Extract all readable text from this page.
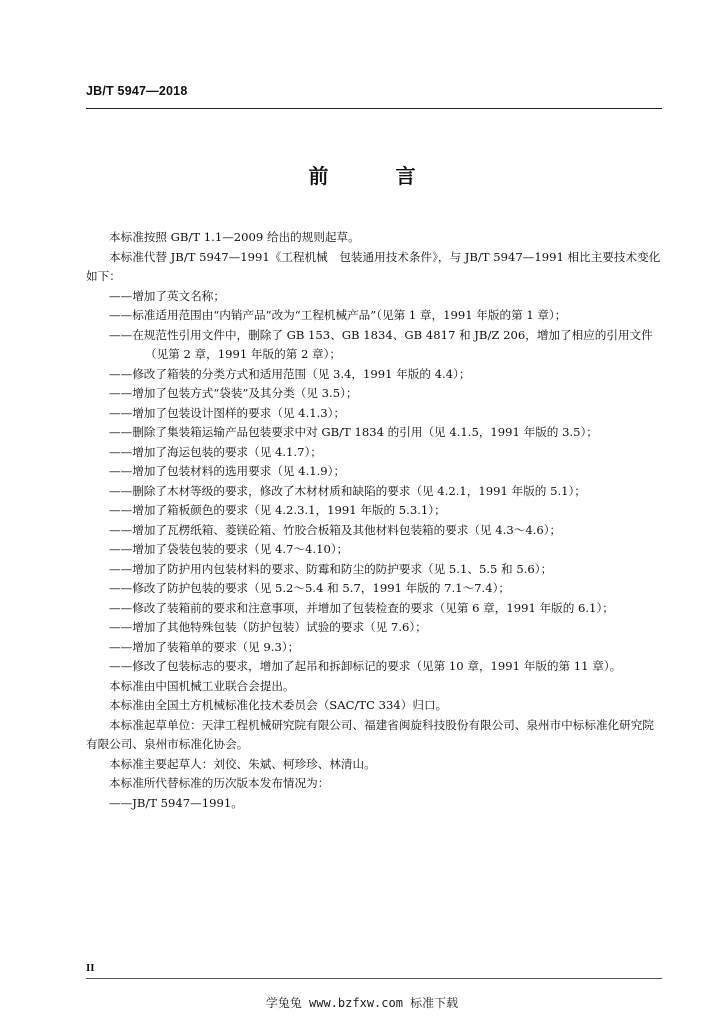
JB/T 5947—2018
前 言

本标准按照 GB/T 1.1—2009 给出的规则起草。

本标准代替 JB/T 5947—1991《工程机械　包装通用技术条件》，与 JB/T 5947—1991 相比主要技术变化如下：

——增加了英文名称；

——标准适用范围由“内销产品”改为“工程机械产品”（见第 1 章，1991 年版的第 1 章）；

——在规范性引用文件中，删除了 GB 153、GB 1834、GB 4817 和 JB/Z 206，增加了相应的引用文件（见第 2 章，1991 年版的第 2 章）；

——修改了箱装的分类方式和适用范围（见 3.4，1991 年版的 4.4）；

——增加了包装方式“袋装”及其分类（见 3.5）；

——增加了包装设计图样的要求（见 4.1.3）；

——删除了集装箱运输产品包装要求中对 GB/T 1834 的引用（见 4.1.5，1991 年版的 3.5）；

——增加了海运包装的要求（见 4.1.7）；

——增加了包装材料的选用要求（见 4.1.9）；

——删除了木材等级的要求，修改了木材材质和缺陷的要求（见 4.2.1，1991 年版的 5.1）；

——增加了箱板颜色的要求（见 4.2.3.1，1991 年版的 5.3.1）；

——增加了瓦楞纸箱、菱镁砼箱、竹胶合板箱及其他材料包装箱的要求（见 4.3～4.6）；

——增加了袋装包装的要求（见 4.7～4.10）；

——增加了防护用内包装材料的要求、防霉和防尘的防护要求（见 5.1、5.5 和 5.6）；

——修改了防护包装的要求（见 5.2～5.4 和 5.7，1991 年版的 7.1～7.4）；

——修改了装箱前的要求和注意事项，并增加了包装检查的要求（见第 6 章，1991 年版的 6.1）；

——增加了其他特殊包装（防护包装）试验的要求（见 7.6）；

——增加了装箱单的要求（见 9.3）；

——修改了包装标志的要求，增加了起吊和拆卸标记的要求（见第 10 章，1991 年版的第 11 章）。

本标准由中国机械工业联合会提出。

本标准由全国土方机械标准化技术委员会（SAC/TC 334）归口。

本标准起草单位：天津工程机械研究院有限公司、福建省闽旋科技股份有限公司、泉州市中标标准化研究院有限公司、泉州市标准化协会。

本标准主要起草人：刘佼、朱斌、柯珍珍、林清山。

本标准所代替标准的历次版本发布情况为：

——JB/T 5947—1991。

II
学兔兔 www.bzfxw.com 标准下载
